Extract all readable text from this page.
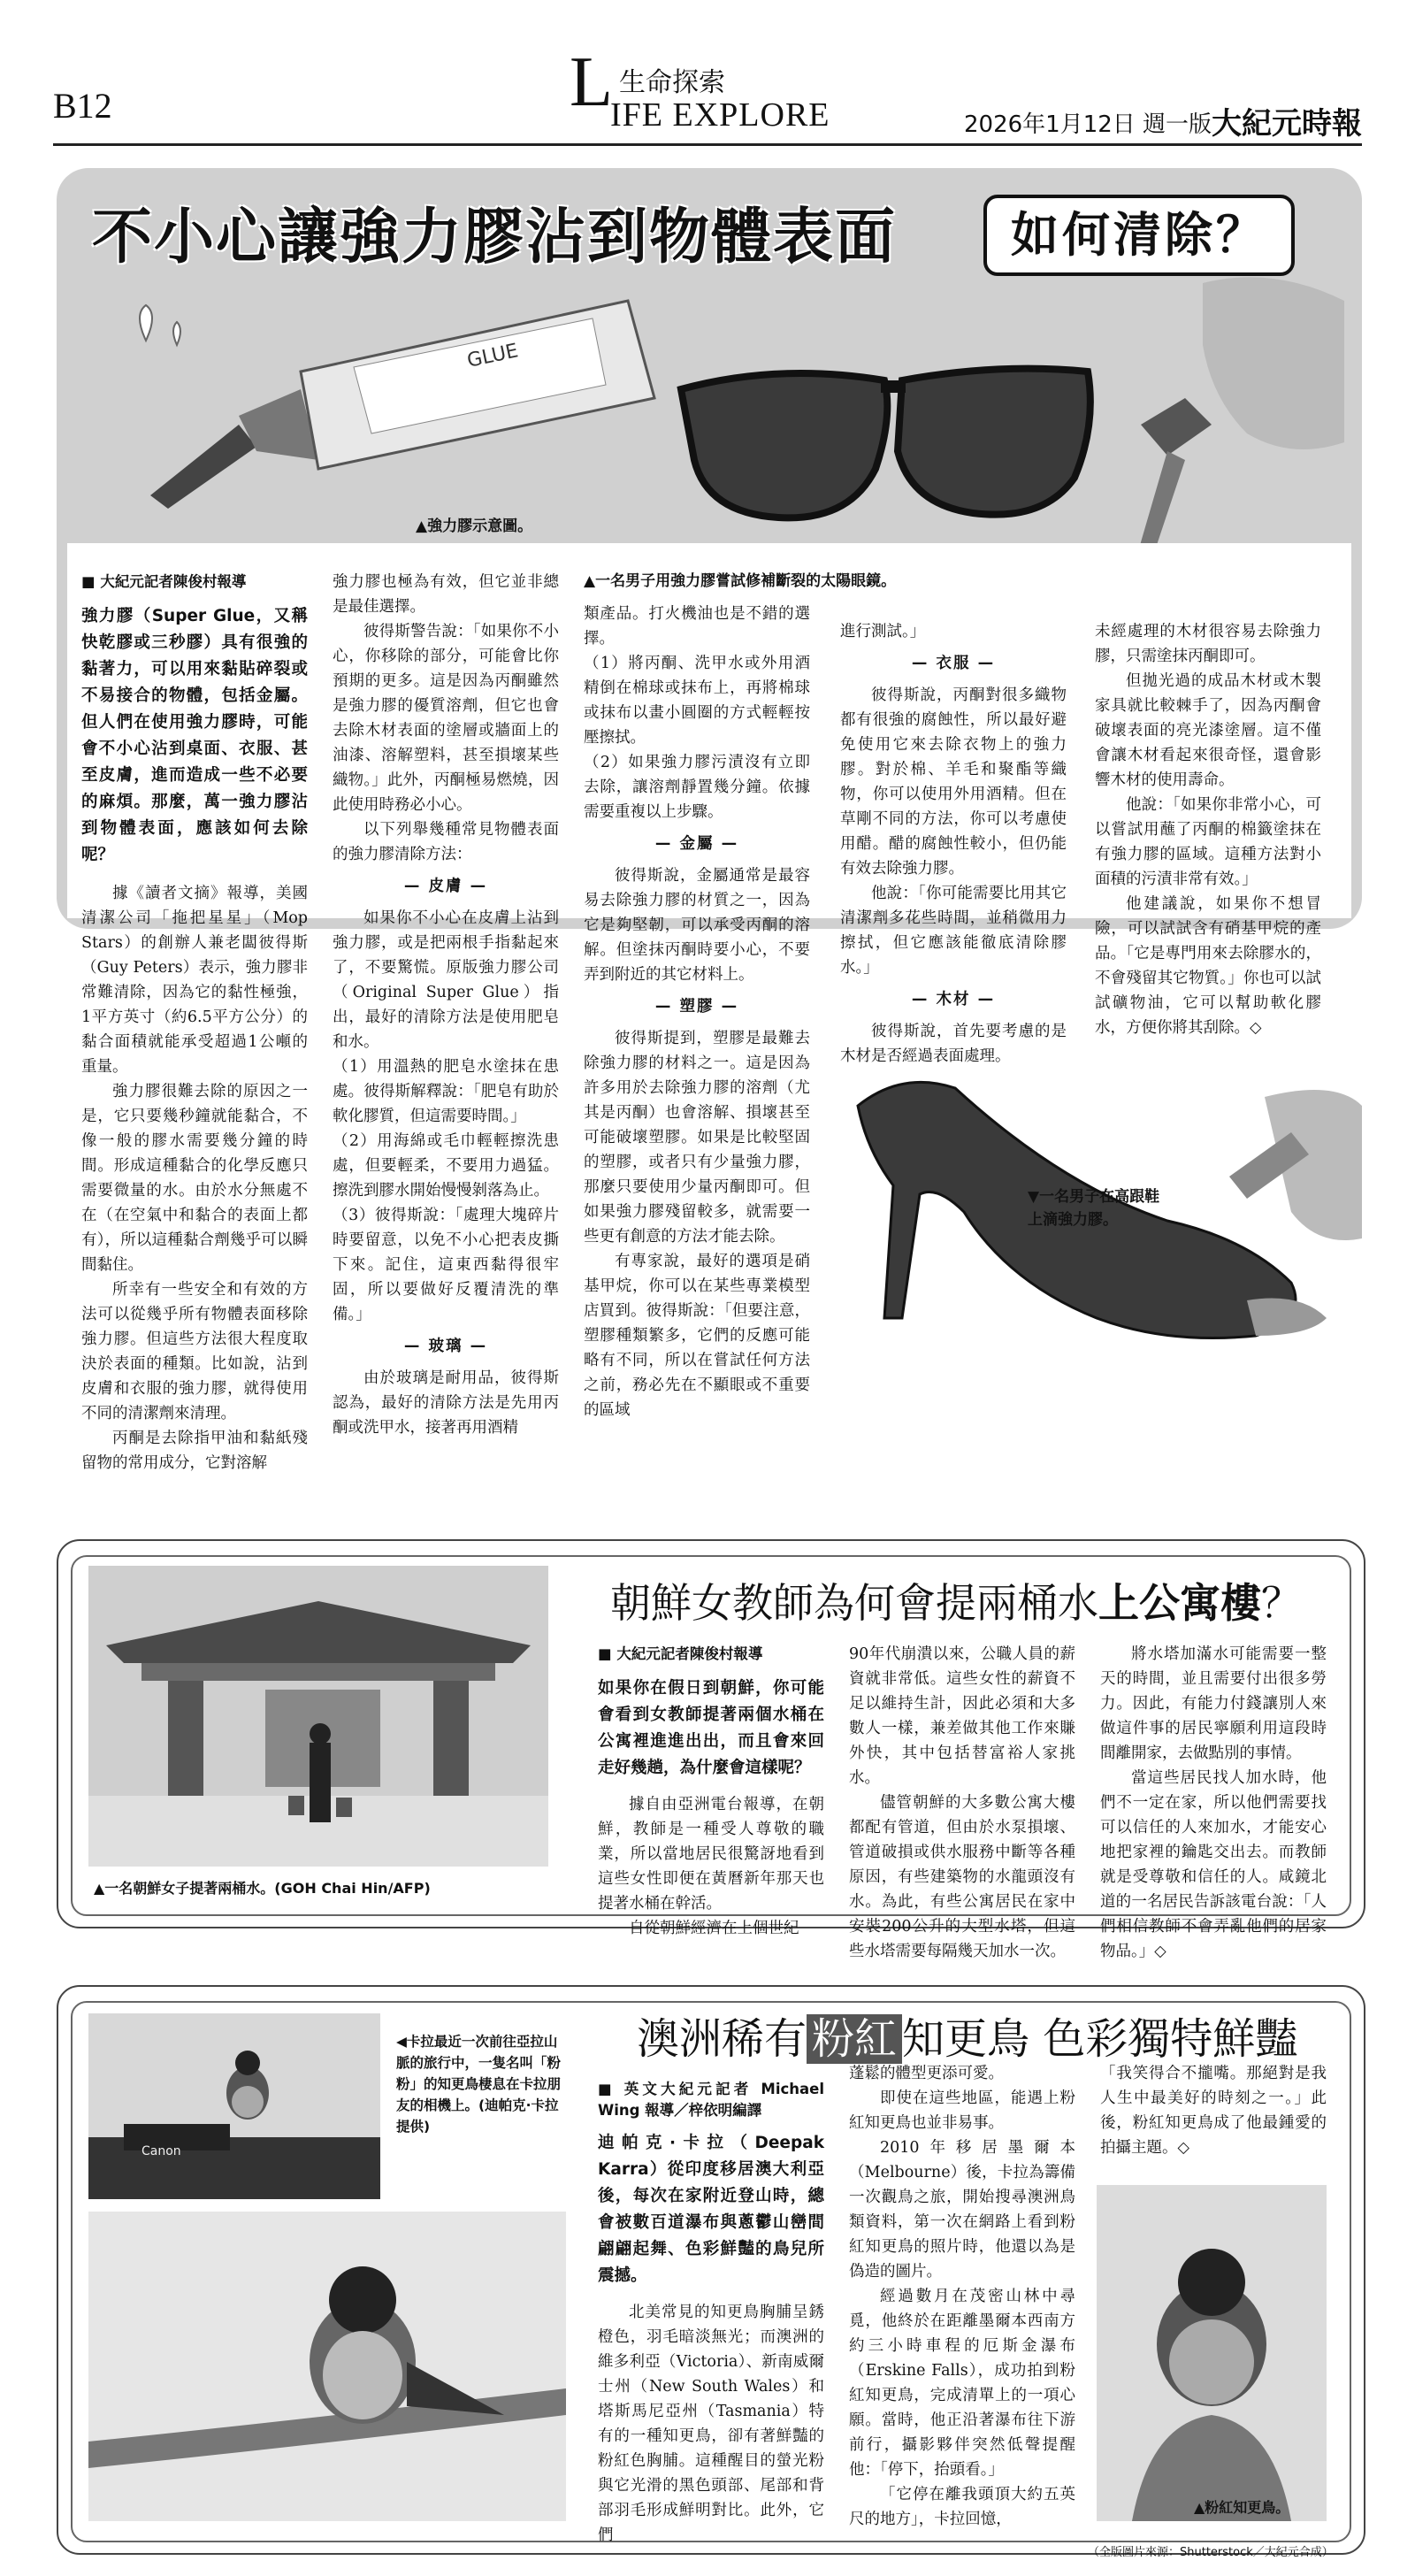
B12
生命探索
L
IFE EXPLORE	2026年1月12日 週一版 大紀元時報
不小心讓強力膠沾到物體表面	如何清除？
GLUE
▲強力膠示意圖。
▲一名男子用強力膠嘗試修補斷裂的太陽眼鏡。
■ 大紀元記者陳俊村報導

強力膠（Super Glue，又稱快乾膠或三秒膠）具有很強的黏著力，可以用來黏貼碎裂或不易接合的物體，包括金屬。但人們在使用強力膠時，可能會不小心沾到桌面、衣服、甚至皮膚，進而造成一些不必要的麻煩。那麼，萬一強力膠沾到物體表面，應該如何去除呢？

據《讀者文摘》報導，美國清潔公司「拖把星星」（Mop Stars）的創辦人兼老闆彼得斯（Guy Peters）表示，強力膠非常難清除，因為它的黏性極強，1平方英寸（約6.5平方公分）的黏合面積就能承受超過1公噸的重量。

強力膠很難去除的原因之一是，它只要幾秒鐘就能黏合，不像一般的膠水需要幾分鐘的時間。形成這種黏合的化學反應只需要微量的水。由於水分無處不在（在空氣中和黏合的表面上都有），所以這種黏合劑幾乎可以瞬間黏住。

所幸有一些安全和有效的方法可以從幾乎所有物體表面移除強力膠。但這些方法很大程度取決於表面的種類。比如說，沾到皮膚和衣服的強力膠，就得使用不同的清潔劑來清理。

丙酮是去除指甲油和黏紙殘留物的常用成分，它對溶解

強力膠也極為有效，但它並非總是最佳選擇。

彼得斯警告說：「如果你不小心，你移除的部分，可能會比你預期的更多。這是因為丙酮雖然是強力膠的優質溶劑，但它也會去除木材表面的塗層或牆面上的油漆、溶解塑料，甚至損壞某些織物。」此外，丙酮極易燃燒，因此使用時務必小心。

以下列舉幾種常見物體表面的強力膠清除方法：

— 皮膚 —

如果你不小心在皮膚上沾到強力膠，或是把兩根手指黏起來了，不要驚慌。原版強力膠公司（Original Super Glue）指出，最好的清除方法是使用肥皂和水。

（1）用溫熱的肥皂水塗抹在患處。彼得斯解釋說：「肥皂有助於軟化膠質，但這需要時間。」

（2）用海綿或毛巾輕輕擦洗患處，但要輕柔，不要用力過猛。擦洗到膠水開始慢慢剝落為止。

（3）彼得斯說：「處理大塊碎片時要留意，以免不小心把表皮撕下來。記住，這東西黏得很牢固，所以要做好反覆清洗的準備。」

— 玻璃 —

由於玻璃是耐用品，彼得斯認為，最好的清除方法是先用丙酮或洗甲水，接著再用酒精

類產品。打火機油也是不錯的選擇。

（1）將丙酮、洗甲水或外用酒精倒在棉球或抹布上，再將棉球或抹布以畫小圓圈的方式輕輕按壓擦拭。

（2）如果強力膠污漬沒有立即去除，讓溶劑靜置幾分鐘。依據需要重複以上步驟。

— 金屬 —

彼得斯說，金屬通常是最容易去除強力膠的材質之一，因為它是夠堅韌，可以承受丙酮的溶解。但塗抹丙酮時要小心，不要弄到附近的其它材料上。

— 塑膠 —

彼得斯提到，塑膠是最難去除強力膠的材料之一。這是因為許多用於去除強力膠的溶劑（尤其是丙酮）也會溶解、損壞甚至可能破壞塑膠。如果是比較堅固的塑膠，或者只有少量強力膠，那麼只要使用少量丙酮即可。但如果強力膠殘留較多，就需要一些更有創意的方法才能去除。

有專家說，最好的選項是硝基甲烷，你可以在某些專業模型店買到。彼得斯說：「但要注意，塑膠種類繁多，它們的反應可能略有不同，所以在嘗試任何方法之前，務必先在不顯眼或不重要的區域

進行測試。」

— 衣服 —

彼得斯說，丙酮對很多織物都有很強的腐蝕性，所以最好避免使用它來去除衣物上的強力膠。對於棉、羊毛和聚酯等織物，你可以使用外用酒精。但在草剛不同的方法，你可以考慮使用醋。醋的腐蝕性較小，但仍能有效去除強力膠。

他說：「你可能需要比用其它清潔劑多花些時間，並稍微用力擦拭，但它應該能徹底清除膠水。」

— 木材 —

彼得斯說，首先要考慮的是木材是否經過表面處理。

未經處理的木材很容易去除強力膠，只需塗抹丙酮即可。

但拋光過的成品木材或木製家具就比較棘手了，因為丙酮會破壞表面的亮光漆塗層。這不僅會讓木材看起來很奇怪，還會影響木材的使用壽命。

他說：「如果你非常小心，可以嘗試用蘸了丙酮的棉籤塗抹在有強力膠的區域。這種方法對小面積的污漬非常有效。」

他建議說，如果你不想冒險，可以試試含有硝基甲烷的產品。「它是專門用來去除膠水的，不會殘留其它物質。」你也可以試試礦物油，它可以幫助軟化膠水，方便你將其刮除。◇

▼一名男子在高跟鞋上滴強力膠。
▲一名朝鮮女子提著兩桶水。(GOH Chai Hin/AFP)
朝鮮女教師為何會提兩桶水上公寓樓？
■ 大紀元記者陳俊村報導

如果你在假日到朝鮮，你可能會看到女教師提著兩個水桶在公寓裡進進出出，而且會來回走好幾趟，為什麼會這樣呢？

據自由亞洲電台報導，在朝鮮，教師是一種受人尊敬的職業，所以當地居民很驚訝地看到這些女性即便在黃曆新年那天也提著水桶在幹活。

自從朝鮮經濟在上個世紀

90年代崩潰以來，公職人員的薪資就非常低。這些女性的薪資不足以維持生計，因此必須和大多數人一樣，兼差做其他工作來賺外快，其中包括替富裕人家挑水。

儘管朝鮮的大多數公寓大樓都配有管道，但由於水泵損壞、管道破損或供水服務中斷等各種原因，有些建築物的水龍頭沒有水。為此，有些公寓居民在家中安裝200公升的大型水塔，但這些水塔需要每隔幾天加水一次。

將水塔加滿水可能需要一整天的時間，並且需要付出很多勞力。因此，有能力付錢讓別人來做這件事的居民寧願利用這段時間離開家，去做點別的事情。

當這些居民找人加水時，他們不一定在家，所以他們需要找可以信任的人來加水，才能安心地把家裡的鑰匙交出去。而教師就是受尊敬和信任的人。咸鏡北道的一名居民告訴該電台說：「人們相信教師不會弄亂他們的居家物品。」◇

Canon
◀卡拉最近一次前往亞拉山脈的旅行中，一隻名叫「粉粉」的知更鳥棲息在卡拉朋友的相機上。(迪帕克·卡拉提供)
澳洲稀有 粉紅 知更鳥 色彩獨特鮮豔
■ 英文大紀元記者 Michael Wing 報導／梓依明編譯

迪帕克·卡拉（Deepak Karra）從印度移居澳大利亞後，每次在家附近登山時，總會被數百道瀑布與蔥鬱山巒間翩翩起舞、色彩鮮豔的鳥兒所震撼。

北美常見的知更鳥胸脯呈銹橙色，羽毛暗淡無光；而澳洲的維多利亞（Victoria）、新南威爾士州（New South Wales）和塔斯馬尼亞州（Tasmania）特有的一種知更鳥，卻有著鮮豔的粉紅色胸脯。這種醒目的螢光粉與它光滑的黑色頭部、尾部和背部羽毛形成鮮明對比。此外，它們

蓬鬆的體型更添可愛。

即使在這些地區，能遇上粉紅知更鳥也並非易事。

2010年移居墨爾本（Melbourne）後，卡拉為籌備一次觀鳥之旅，開始搜尋澳洲鳥類資料，第一次在網路上看到粉紅知更鳥的照片時，他還以為是偽造的圖片。

經過數月在茂密山林中尋覓，他終於在距離墨爾本西南方約三小時車程的厄斯金瀑布（Erskine Falls），成功拍到粉紅知更鳥，完成清單上的一項心願。當時，他正沿著瀑布往下游前行，攝影夥伴突然低聲提醒他：「停下，抬頭看。」

「它停在離我頭頂大約五英尺的地方」，卡拉回憶，

「我笑得合不攏嘴。那絕對是我人生中最美好的時刻之一。」此後，粉紅知更鳥成了他最鍾愛的拍攝主題。◇

▲粉紅知更鳥。
（全版圖片來源：Shutterstock／大紀元合成）
